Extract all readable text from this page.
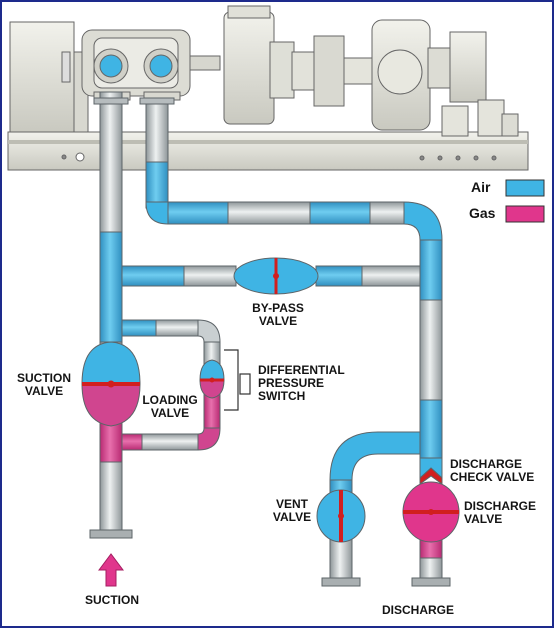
Air
Gas
BY-PASS
VALVE
SUCTION
VALVE
LOADING
VALVE
DIFFERENTIAL
PRESSURE
SWITCH
DISCHARGE
CHECK VALVE
VENT
VALVE
DISCHARGE
VALVE
SUCTION
DISCHARGE
